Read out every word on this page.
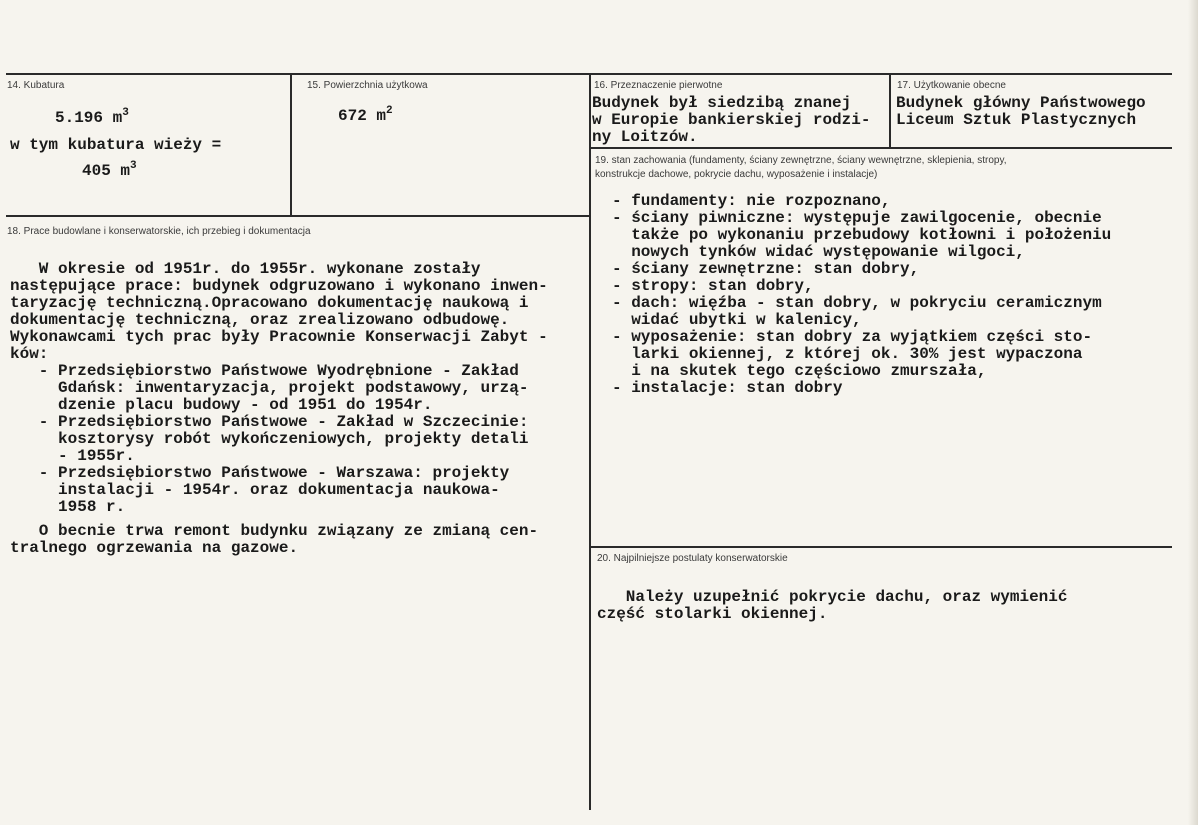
14. Kubatura
5.196 $m^3$
w tym kubatura wieży =
405 $m^3$
15. Powierzchnia użytkowa
672 $m^2$
16. Przeznaczenie pierwotne
Budynek był siedzibą znanej
w Europie bankierskiej rodzi-
ny Loitzów.
17. Użytkowanie obecne
Budynek główny Państwowego
Liceum Sztuk Plastycznych
18. Prace budowlane i konserwatorskie, ich przebieg i dokumentacja
W okresie od 1951r. do 1955r. wykonane zostały
następujące prace: budynek odgruzowano i wykonano inwen-
taryzację techniczną.Opracowano dokumentację naukową i
dokumentację techniczną, oraz zrealizowano odbudowę.
Wykonawcami tych prac były Pracownie Konserwacji Zabyt -
ków:
- Przedsiębiorstwo Państwowe Wyodrębnione - Zakład
Gdańsk: inwentaryzacja, projekt podstawowy, urzą-
dzenie placu budowy - od 1951 do 1954r.
- Przedsiębiorstwo Państwowe - Zakład w Szczecinie:
kosztorysy robót wykończeniowych, projekty detali
- 1955r.
- Przedsiębiorstwo Państwowe - Warszawa: projekty
instalacji - 1954r. oraz dokumentacja naukowa-
1958 r.
O becnie trwa remont budynku związany ze zmianą cen-
tralnego ogrzewania na gazowe.
19. stan zachowania (fundamenty, ściany zewnętrzne, ściany wewnętrzne, sklepienia, stropy,
konstrukcje dachowe, pokrycie dachu, wyposażenie i instalacje)
- fundamenty: nie rozpoznano,
- ściany piwniczne: występuje zawilgocenie, obecnie
także po wykonaniu przebudowy kotłowni i położeniu
nowych tynków widać występowanie wilgoci,
- ściany zewnętrzne: stan dobry,
- stropy: stan dobry,
- dach: więźba - stan dobry, w pokryciu ceramicznym
widać ubytki w kalenicy,
- wyposażenie: stan dobry za wyjątkiem części sto-
larki okiennej, z której ok. 30% jest wypaczona
i na skutek tego częściowo zmurszała,
- instalacje: stan dobry
20. Najpilniejsze postulaty konserwatorskie
Należy uzupełnić pokrycie dachu, oraz wymienić
część stolarki okiennej.
